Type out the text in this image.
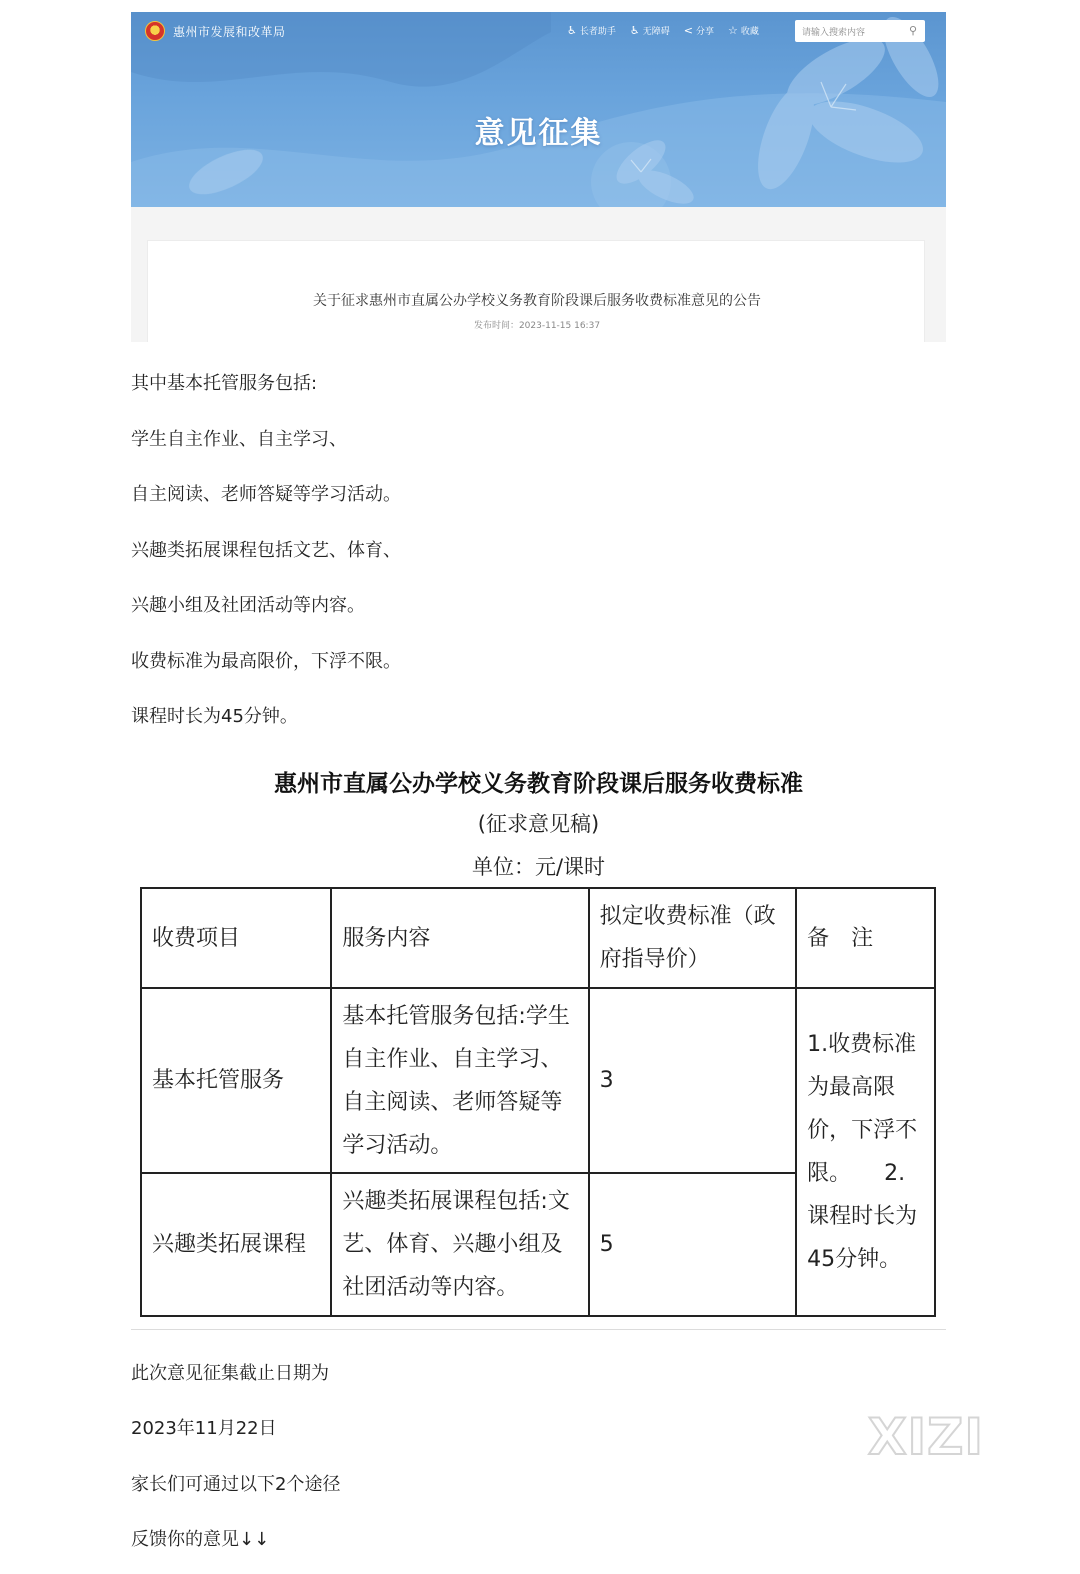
惠州市发展和改革局	♿ 长者助手 ♿ 无障碍 < 分享 ☆ 收藏	请输入搜索内容	⚲
意见征集
关于征求惠州市直属公办学校义务教育阶段课后服务收费标准意见的公告
发布时间：2023-11-15 16:37
其中基本托管服务包括:
学生自主作业、自主学习、
自主阅读、老师答疑等学习活动。
兴趣类拓展课程包括文艺、体育、
兴趣小组及社团活动等内容。
收费标准为最高限价，下浮不限。
课程时长为45分钟。
惠州市直属公办学校义务教育阶段课后服务收费标准
(征求意见稿)
单位：元/课时
收费项目	服务内容	拟定收费标准（政府指导价）	备　注
基本托管服务	基本托管服务包括:学生自主作业、自主学习、自主阅读、老师答疑等学习活动。	3	1.收费标准为最高限价，下浮不限。　　2.课程时长为45分钟。
兴趣类拓展课程	兴趣类拓展课程包括:文艺、体育、兴趣小组及社团活动等内容。	5	
此次意见征集截止日期为
2023年11月22日
家长们可通过以下2个途径
反馈你的意见↓↓
XIZI
